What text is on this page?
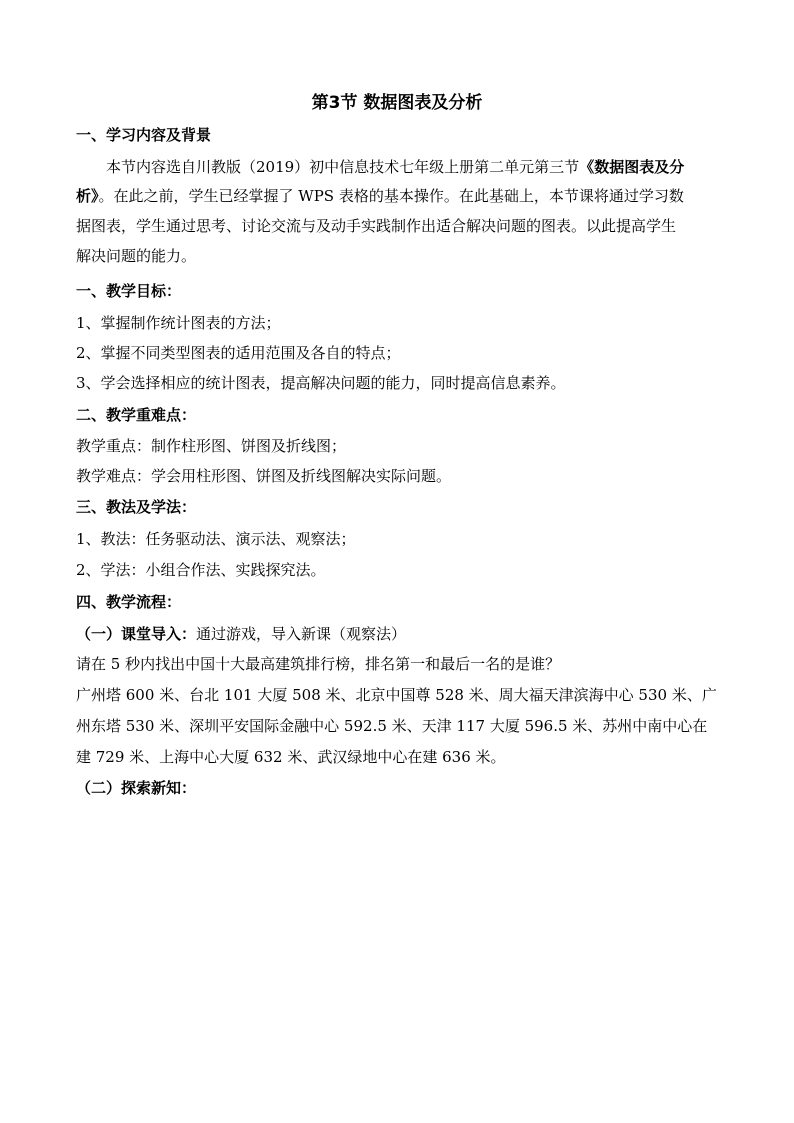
第3节 数据图表及分析
一、学习内容及背景
本节内容选自川教版（2019）初中信息技术七年级上册第二单元第三节《数据图表及分
析》。在此之前，学生已经掌握了 WPS 表格的基本操作。在此基础上，本节课将通过学习数
据图表，学生通过思考、讨论交流与及动手实践制作出适合解决问题的图表。以此提高学生
解决问题的能力。
一、教学目标：
1、掌握制作统计图表的方法；
2、掌握不同类型图表的适用范围及各自的特点；
3、学会选择相应的统计图表，提高解决问题的能力，同时提高信息素养。
二、教学重难点：
教学重点：制作柱形图、饼图及折线图；
教学难点：学会用柱形图、饼图及折线图解决实际问题。
三、教法及学法：
1、教法：任务驱动法、演示法、观察法；
2、学法：小组合作法、实践探究法。
四、教学流程：
（一）课堂导入：通过游戏，导入新课（观察法）
请在 5 秒内找出中国十大最高建筑排行榜，排名第一和最后一名的是谁？
广州塔 600 米、台北 101 大厦 508 米、北京中国尊 528 米、周大福天津滨海中心 530 米、广
州东塔 530 米、深圳平安国际金融中心 592.5 米、天津 117 大厦 596.5 米、苏州中南中心在
建 729 米、上海中心大厦 632 米、武汉绿地中心在建 636 米。
（二）探索新知：
